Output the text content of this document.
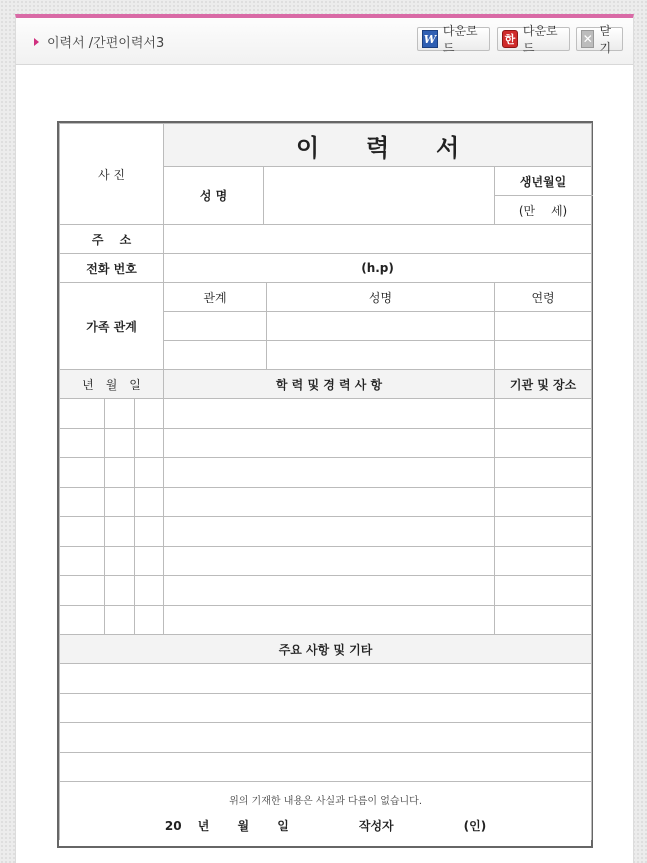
이력서 /간편이력서3	W
다운로드
한
다운로드
✕
닫기
사 진			이 력 서			
			성 명			생년월일
						(만　 세)
주　 소						
전화 번호			(h.p)			
가족 관계			관계		성명	연령

년　월　일			학 력 및 경 력 사 항			기관 및 장소

주요 사항 및 기타						

위의 기재한 내용은 사실과 다름이 없습니다.
20　 년　 　월　 　일 작성자 (인)						
